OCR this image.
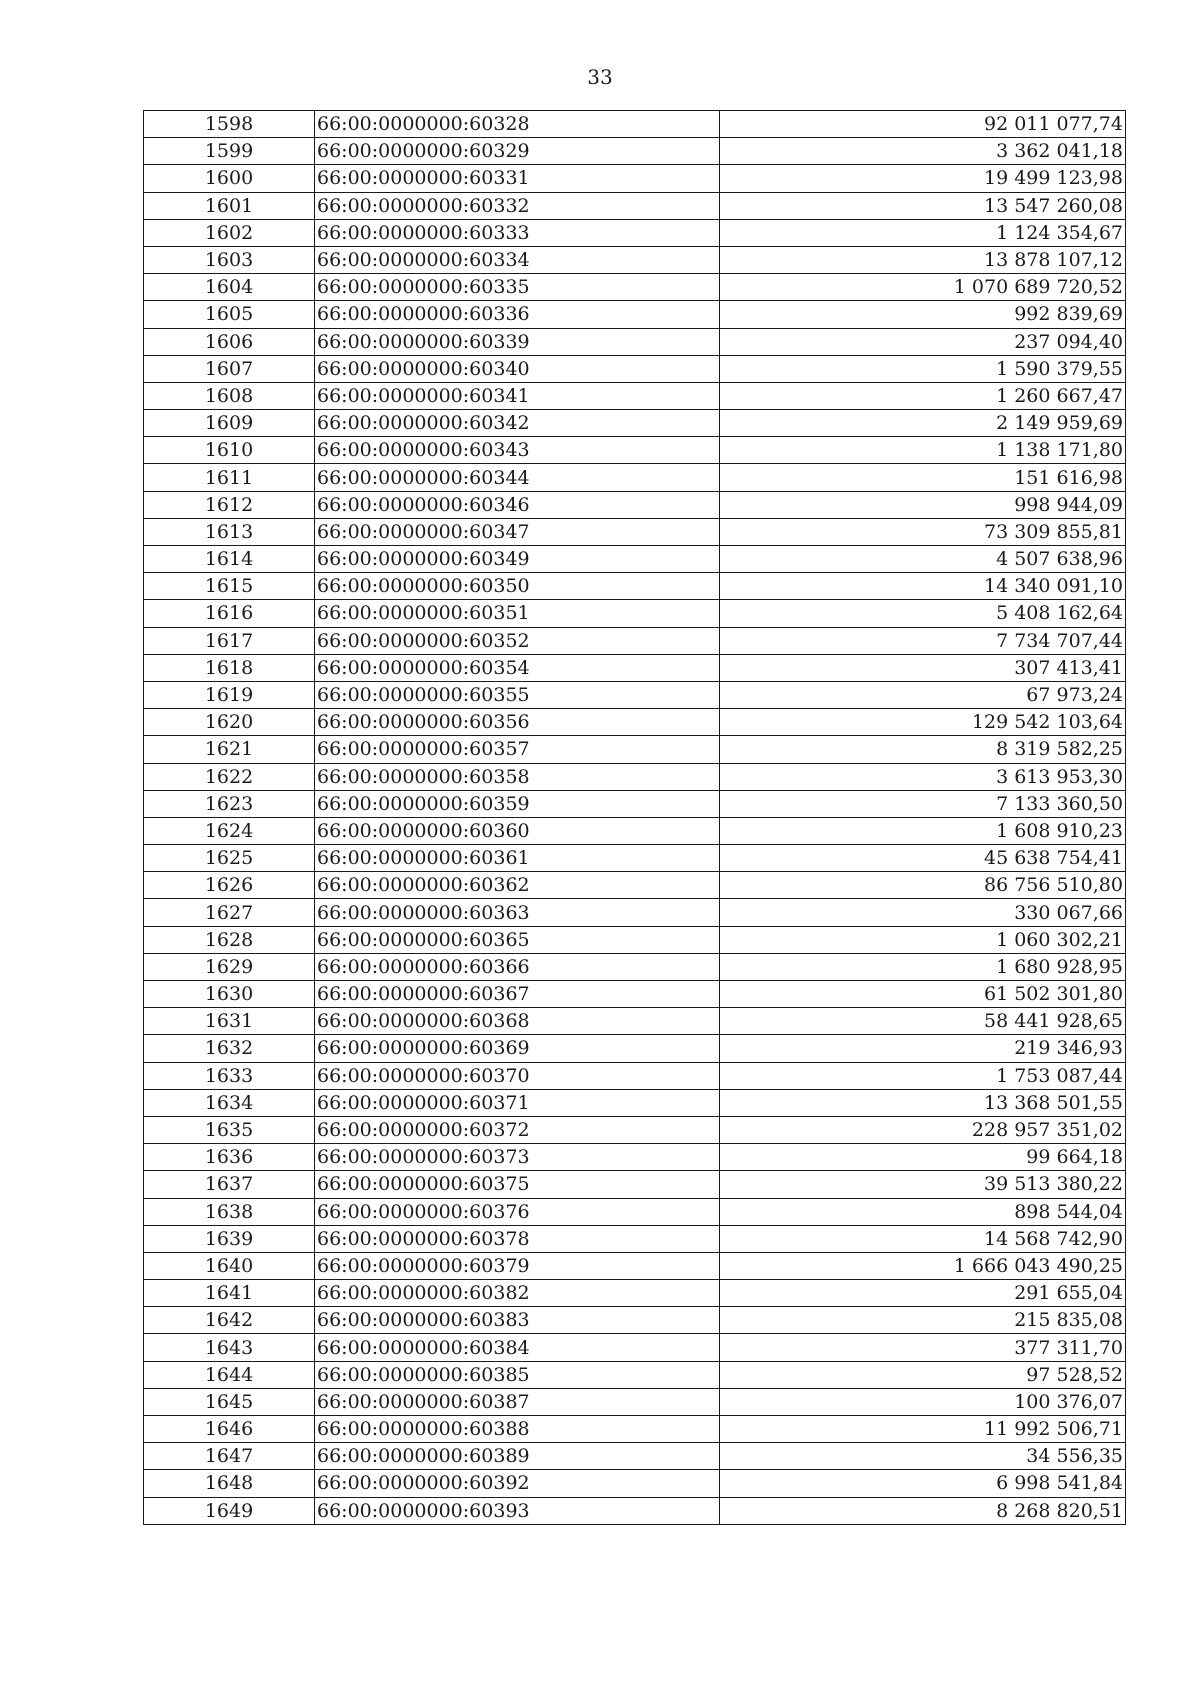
33
1598	66:00:0000000:60328	92 011 077,74
1599	66:00:0000000:60329	3 362 041,18
1600	66:00:0000000:60331	19 499 123,98
1601	66:00:0000000:60332	13 547 260,08
1602	66:00:0000000:60333	1 124 354,67
1603	66:00:0000000:60334	13 878 107,12
1604	66:00:0000000:60335	1 070 689 720,52
1605	66:00:0000000:60336	992 839,69
1606	66:00:0000000:60339	237 094,40
1607	66:00:0000000:60340	1 590 379,55
1608	66:00:0000000:60341	1 260 667,47
1609	66:00:0000000:60342	2 149 959,69
1610	66:00:0000000:60343	1 138 171,80
1611	66:00:0000000:60344	151 616,98
1612	66:00:0000000:60346	998 944,09
1613	66:00:0000000:60347	73 309 855,81
1614	66:00:0000000:60349	4 507 638,96
1615	66:00:0000000:60350	14 340 091,10
1616	66:00:0000000:60351	5 408 162,64
1617	66:00:0000000:60352	7 734 707,44
1618	66:00:0000000:60354	307 413,41
1619	66:00:0000000:60355	67 973,24
1620	66:00:0000000:60356	129 542 103,64
1621	66:00:0000000:60357	8 319 582,25
1622	66:00:0000000:60358	3 613 953,30
1623	66:00:0000000:60359	7 133 360,50
1624	66:00:0000000:60360	1 608 910,23
1625	66:00:0000000:60361	45 638 754,41
1626	66:00:0000000:60362	86 756 510,80
1627	66:00:0000000:60363	330 067,66
1628	66:00:0000000:60365	1 060 302,21
1629	66:00:0000000:60366	1 680 928,95
1630	66:00:0000000:60367	61 502 301,80
1631	66:00:0000000:60368	58 441 928,65
1632	66:00:0000000:60369	219 346,93
1633	66:00:0000000:60370	1 753 087,44
1634	66:00:0000000:60371	13 368 501,55
1635	66:00:0000000:60372	228 957 351,02
1636	66:00:0000000:60373	99 664,18
1637	66:00:0000000:60375	39 513 380,22
1638	66:00:0000000:60376	898 544,04
1639	66:00:0000000:60378	14 568 742,90
1640	66:00:0000000:60379	1 666 043 490,25
1641	66:00:0000000:60382	291 655,04
1642	66:00:0000000:60383	215 835,08
1643	66:00:0000000:60384	377 311,70
1644	66:00:0000000:60385	97 528,52
1645	66:00:0000000:60387	100 376,07
1646	66:00:0000000:60388	11 992 506,71
1647	66:00:0000000:60389	34 556,35
1648	66:00:0000000:60392	6 998 541,84
1649	66:00:0000000:60393	8 268 820,51
